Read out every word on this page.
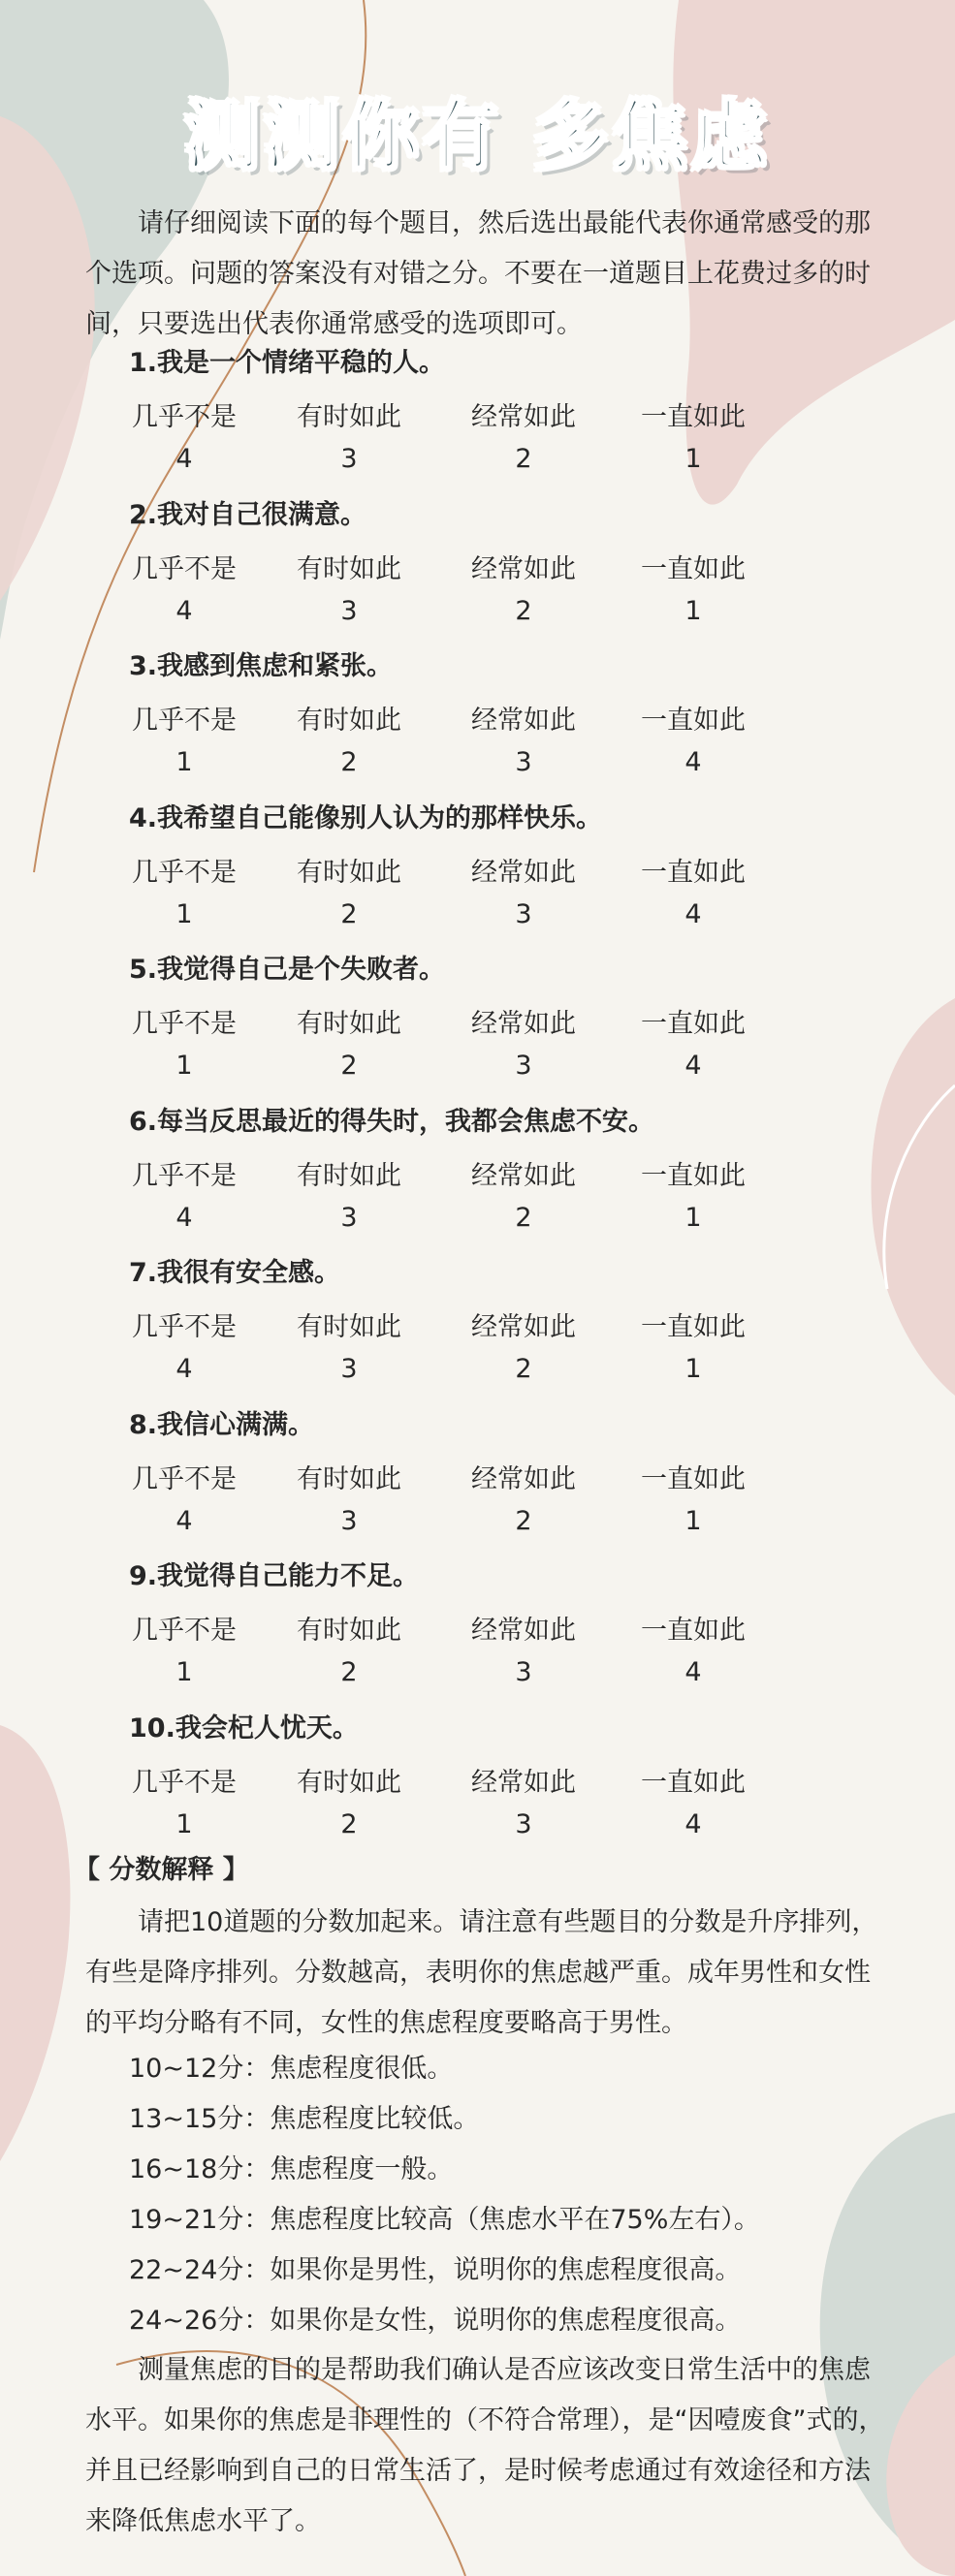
测测你有 多焦虑
请仔细阅读下面的每个题目，然后选出最能代表你通常感受的那个选项。问题的答案没有对错之分。不要在一道题目上花费过多的时间，只要选出代表你通常感受的选项即可。
1.我是一个情绪平稳的人。
几乎不是	有时如此	经常如此	一直如此
4	3	2	1
2.我对自己很满意。
几乎不是	有时如此	经常如此	一直如此
4	3	2	1
3.我感到焦虑和紧张。
几乎不是	有时如此	经常如此	一直如此
1	2	3	4
4.我希望自己能像别人认为的那样快乐。
几乎不是	有时如此	经常如此	一直如此
1	2	3	4
5.我觉得自己是个失败者。
几乎不是	有时如此	经常如此	一直如此
1	2	3	4
6.每当反思最近的得失时，我都会焦虑不安。
几乎不是	有时如此	经常如此	一直如此
4	3	2	1
7.我很有安全感。
几乎不是	有时如此	经常如此	一直如此
4	3	2	1
8.我信心满满。
几乎不是	有时如此	经常如此	一直如此
4	3	2	1
9.我觉得自己能力不足。
几乎不是	有时如此	经常如此	一直如此
1	2	3	4
10.我会杞人忧天。
几乎不是	有时如此	经常如此	一直如此
1	2	3	4
【 分数解释 】
请把10道题的分数加起来。请注意有些题目的分数是升序排列，有些是降序排列。分数越高，表明你的焦虑越严重。成年男性和女性的平均分略有不同，女性的焦虑程度要略高于男性。
10~12分：焦虑程度很低。
13~15分：焦虑程度比较低。
16~18分：焦虑程度一般。
19~21分：焦虑程度比较高（焦虑水平在75%左右）。
22~24分：如果你是男性，说明你的焦虑程度很高。
24~26分：如果你是女性，说明你的焦虑程度很高。
测量焦虑的目的是帮助我们确认是否应该改变日常生活中的焦虑水平。如果你的焦虑是非理性的（不符合常理），是“因噎废食”式的，并且已经影响到自己的日常生活了，是时候考虑通过有效途径和方法来降低焦虑水平了。
